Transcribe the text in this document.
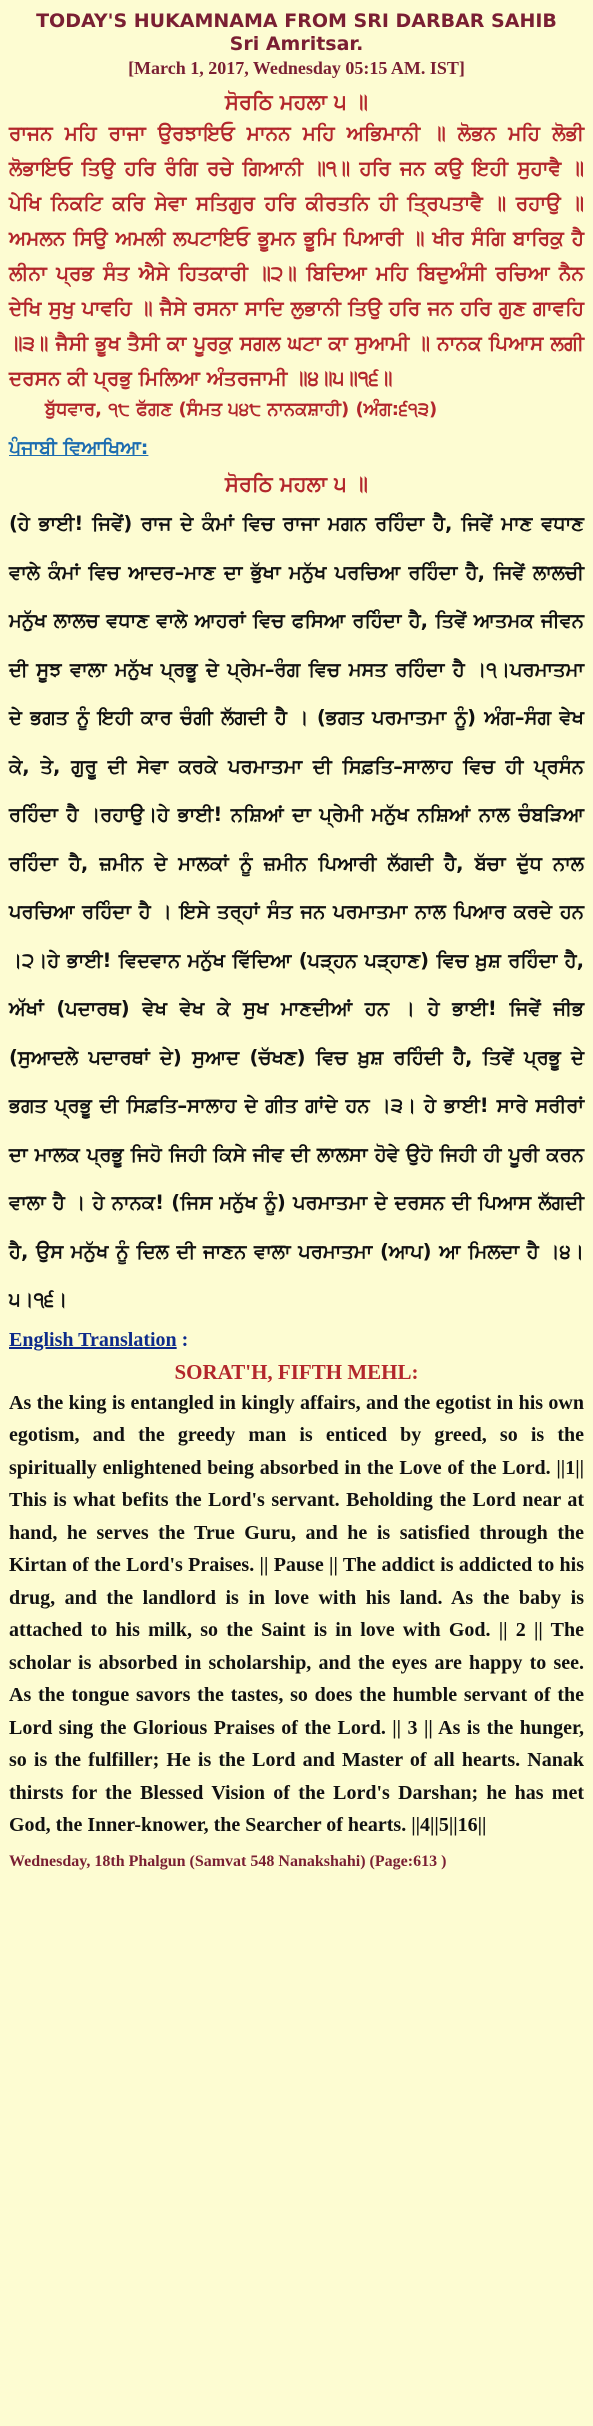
TODAY'S HUKAMNAMA FROM SRI DARBAR SAHIB
Sri Amritsar.
[March 1, 2017, Wednesday 05:15 AM. IST]
ਸੋਰਠਿ ਮਹਲਾ ੫ ॥
ਰਾਜਨ ਮਹਿ ਰਾਜਾ ਉਰਝਾਇਓ ਮਾਨਨ ਮਹਿ ਅਭਿਮਾਨੀ ॥ ਲੋਭਨ ਮਹਿ ਲੋਭੀ ਲੋਭਾਇਓ ਤਿਉ ਹਰਿ ਰੰਗਿ ਰਚੇ ਗਿਆਨੀ ॥੧॥ ਹਰਿ ਜਨ ਕਉ ਇਹੀ ਸੁਹਾਵੈ ॥ ਪੇਖਿ ਨਿਕਟਿ ਕਰਿ ਸੇਵਾ ਸਤਿਗੁਰ ਹਰਿ ਕੀਰਤਨਿ ਹੀ ਤ੍ਰਿਪਤਾਵੈ ॥ ਰਹਾਉ ॥ ਅਮਲਨ ਸਿਉ ਅਮਲੀ ਲਪਟਾਇਓ ਭੂਮਨ ਭੂਮਿ ਪਿਆਰੀ ॥ ਖੀਰ ਸੰਗਿ ਬਾਰਿਕੁ ਹੈ ਲੀਨਾ ਪ੍ਰਭ ਸੰਤ ਐਸੇ ਹਿਤਕਾਰੀ ॥੨॥ ਬਿਦਿਆ ਮਹਿ ਬਿਦੁਅੰਸੀ ਰਚਿਆ ਨੈਨ ਦੇਖਿ ਸੁਖੁ ਪਾਵਹਿ ॥ ਜੈਸੇ ਰਸਨਾ ਸਾਦਿ ਲੁਭਾਨੀ ਤਿਉ ਹਰਿ ਜਨ ਹਰਿ ਗੁਣ ਗਾਵਹਿ ॥੩॥ ਜੈਸੀ ਭੂਖ ਤੈਸੀ ਕਾ ਪੂਰਕੁ ਸਗਲ ਘਟਾ ਕਾ ਸੁਆਮੀ ॥ ਨਾਨਕ ਪਿਆਸ ਲਗੀ ਦਰਸਨ ਕੀ ਪ੍ਰਭੁ ਮਿਲਿਆ ਅੰਤਰਜਾਮੀ ॥੪॥੫॥੧੬॥
ਬੁੱਧਵਾਰ, ੧੮ ਫੱਗਣ (ਸੰਮਤ ੫੪੮ ਨਾਨਕਸ਼ਾਹੀ) (ਅੰਗ:੬੧੩)
ਪੰਜਾਬੀ ਵਿਆਖਿਆ:
ਸੋਰਠਿ ਮਹਲਾ ੫ ॥
(ਹੇ ਭਾਈ! ਜਿਵੇਂ) ਰਾਜ ਦੇ ਕੰਮਾਂ ਵਿਚ ਰਾਜਾ ਮਗਨ ਰਹਿੰਦਾ ਹੈ, ਜਿਵੇਂ ਮਾਣ ਵਧਾਣ ਵਾਲੇ ਕੰਮਾਂ ਵਿਚ ਆਦਰ–ਮਾਣ ਦਾ ਭੁੱਖਾ ਮਨੁੱਖ ਪਰਚਿਆ ਰਹਿੰਦਾ ਹੈ, ਜਿਵੇਂ ਲਾਲਚੀ ਮਨੁੱਖ ਲਾਲਚ ਵਧਾਣ ਵਾਲੇ ਆਹਰਾਂ ਵਿਚ ਫਸਿਆ ਰਹਿੰਦਾ ਹੈ, ਤਿਵੇਂ ਆਤਮਕ ਜੀਵਨ ਦੀ ਸੂਝ ਵਾਲਾ ਮਨੁੱਖ ਪ੍ਰਭੂ ਦੇ ਪ੍ਰੇਮ–ਰੰਗ ਵਿਚ ਮਸਤ ਰਹਿੰਦਾ ਹੈ ।੧।ਪਰਮਾਤਮਾ ਦੇ ਭਗਤ ਨੂੰ ਇਹੀ ਕਾਰ ਚੰਗੀ ਲੱਗਦੀ ਹੈ । (ਭਗਤ ਪਰਮਾਤਮਾ ਨੂੰ) ਅੰਗ–ਸੰਗ ਵੇਖ ਕੇ, ਤੇ, ਗੁਰੂ ਦੀ ਸੇਵਾ ਕਰਕੇ ਪਰਮਾਤਮਾ ਦੀ ਸਿਫ਼ਤਿ–ਸਾਲਾਹ ਵਿਚ ਹੀ ਪ੍ਰਸੰਨ ਰਹਿੰਦਾ ਹੈ ।ਰਹਾਉ।ਹੇ ਭਾਈ! ਨਸ਼ਿਆਂ ਦਾ ਪ੍ਰੇਮੀ ਮਨੁੱਖ ਨਸ਼ਿਆਂ ਨਾਲ ਚੰਬੜਿਆ ਰਹਿੰਦਾ ਹੈ, ਜ਼ਮੀਨ ਦੇ ਮਾਲਕਾਂ ਨੂੰ ਜ਼ਮੀਨ ਪਿਆਰੀ ਲੱਗਦੀ ਹੈ, ਬੱਚਾ ਦੁੱਧ ਨਾਲ ਪਰਚਿਆ ਰਹਿੰਦਾ ਹੈ । ਇਸੇ ਤਰ੍ਹਾਂ ਸੰਤ ਜਨ ਪਰਮਾਤਮਾ ਨਾਲ ਪਿਆਰ ਕਰਦੇ ਹਨ ।੨।ਹੇ ਭਾਈ! ਵਿਦਵਾਨ ਮਨੁੱਖ ਵਿੱਦਿਆ (ਪੜ੍ਹਨ ਪੜ੍ਹਾਣ) ਵਿਚ ਖ਼ੁਸ਼ ਰਹਿੰਦਾ ਹੈ, ਅੱਖਾਂ (ਪਦਾਰਥ) ਵੇਖ ਵੇਖ ਕੇ ਸੁਖ ਮਾਣਦੀਆਂ ਹਨ । ਹੇ ਭਾਈ! ਜਿਵੇਂ ਜੀਭ (ਸੁਆਦਲੇ ਪਦਾਰਥਾਂ ਦੇ) ਸੁਆਦ (ਚੱਖਣ) ਵਿਚ ਖ਼ੁਸ਼ ਰਹਿੰਦੀ ਹੈ, ਤਿਵੇਂ ਪ੍ਰਭੂ ਦੇ ਭਗਤ ਪ੍ਰਭੂ ਦੀ ਸਿਫ਼ਤਿ–ਸਾਲਾਹ ਦੇ ਗੀਤ ਗਾਂਦੇ ਹਨ ।੩। ਹੇ ਭਾਈ! ਸਾਰੇ ਸਰੀਰਾਂ ਦਾ ਮਾਲਕ ਪ੍ਰਭੂ ਜਿਹੋ ਜਿਹੀ ਕਿਸੇ ਜੀਵ ਦੀ ਲਾਲਸਾ ਹੋਵੇ ਉਹੋ ਜਿਹੀ ਹੀ ਪੂਰੀ ਕਰਨ ਵਾਲਾ ਹੈ । ਹੇ ਨਾਨਕ! (ਜਿਸ ਮਨੁੱਖ ਨੂੰ) ਪਰਮਾਤਮਾ ਦੇ ਦਰਸਨ ਦੀ ਪਿਆਸ ਲੱਗਦੀ ਹੈ, ਉਸ ਮਨੁੱਖ ਨੂੰ ਦਿਲ ਦੀ ਜਾਣਨ ਵਾਲਾ ਪਰਮਾਤਮਾ (ਆਪ) ਆ ਮਿਲਦਾ ਹੈ ।੪।੫।੧੬।
English Translation :
SORAT'H, FIFTH MEHL:
As the king is entangled in kingly affairs, and the egotist in his own egotism, and the greedy man is enticed by greed, so is the spiritually enlightened being absorbed in the Love of the Lord. ||1|| This is what befits the Lord's servant. Beholding the Lord near at hand, he serves the True Guru, and he is satisfied through the Kirtan of the Lord's Praises. || Pause || The addict is addicted to his drug, and the landlord is in love with his land. As the baby is attached to his milk, so the Saint is in love with God. || 2 || The scholar is absorbed in scholarship, and the eyes are happy to see. As the tongue savors the tastes, so does the humble servant of the Lord sing the Glorious Praises of the Lord. || 3 || As is the hunger, so is the fulfiller; He is the Lord and Master of all hearts. Nanak thirsts for the Blessed Vision of the Lord's Darshan; he has met God, the Inner-knower, the Searcher of hearts. ||4||5||16||
Wednesday, 18th Phalgun (Samvat 548 Nanakshahi) (Page:613 )
